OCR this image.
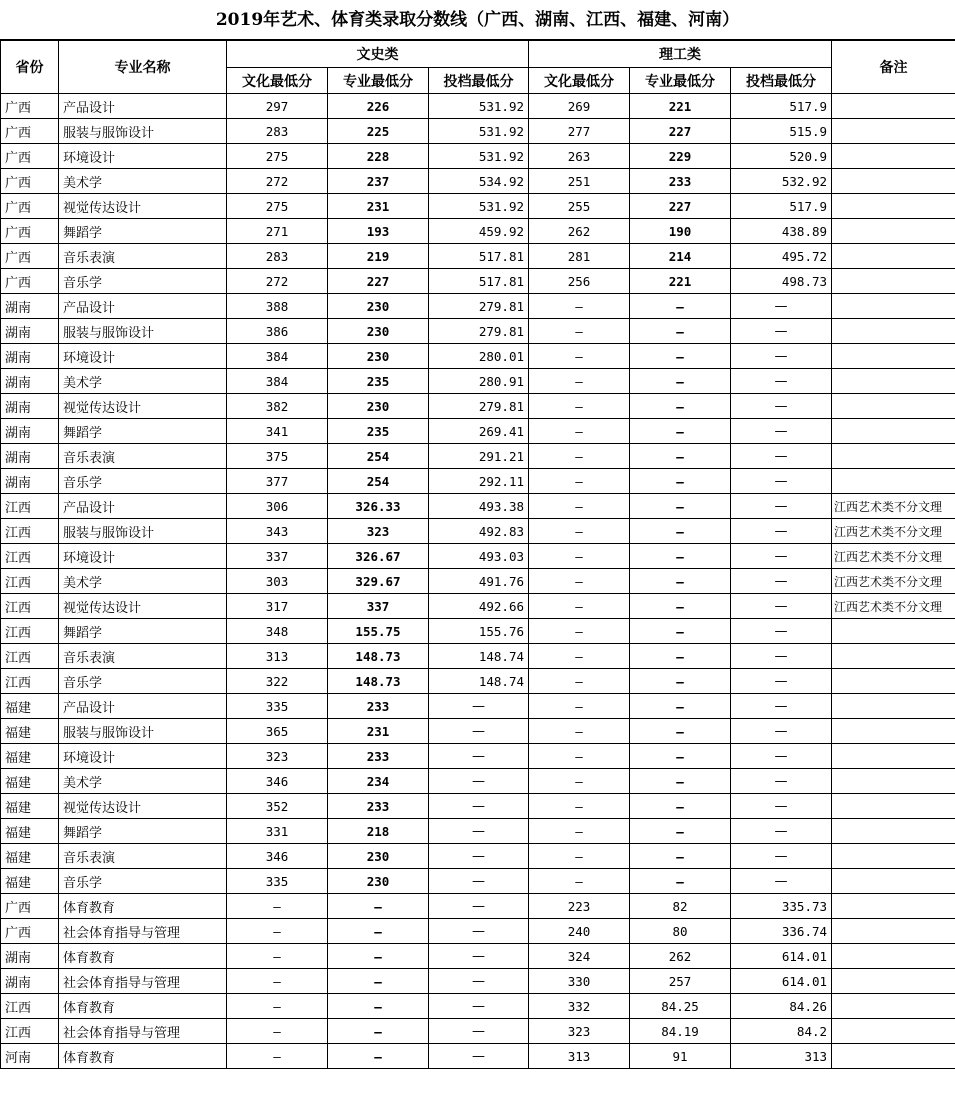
2019年艺术、体育类录取分数线（广西、湖南、江西、福建、河南）
省份	专业名称	文史类			理工类			备注
		文化最低分	专业最低分	投档最低分	文化最低分	专业最低分	投档最低分	
广西	产品设计	297	226	531.92	269	221	517.9	
广西	服装与服饰设计	283	225	531.92	277	227	515.9	
广西	环境设计	275	228	531.92	263	229	520.9	
广西	美术学	272	237	534.92	251	233	532.92	
广西	视觉传达设计	275	231	531.92	255	227	517.9	
广西	舞蹈学	271	193	459.92	262	190	438.89	
广西	音乐表演	283	219	517.81	281	214	495.72	
广西	音乐学	272	227	517.81	256	221	498.73	
湖南	产品设计	388	230	279.81	—	—	—	
湖南	服装与服饰设计	386	230	279.81	—	—	—	
湖南	环境设计	384	230	280.01	—	—	—	
湖南	美术学	384	235	280.91	—	—	—	
湖南	视觉传达设计	382	230	279.81	—	—	—	
湖南	舞蹈学	341	235	269.41	—	—	—	
湖南	音乐表演	375	254	291.21	—	—	—	
湖南	音乐学	377	254	292.11	—	—	—	
江西	产品设计	306	326.33	493.38	—	—	—	江西艺术类不分文理
江西	服装与服饰设计	343	323	492.83	—	—	—	江西艺术类不分文理
江西	环境设计	337	326.67	493.03	—	—	—	江西艺术类不分文理
江西	美术学	303	329.67	491.76	—	—	—	江西艺术类不分文理
江西	视觉传达设计	317	337	492.66	—	—	—	江西艺术类不分文理
江西	舞蹈学	348	155.75	155.76	—	—	—	
江西	音乐表演	313	148.73	148.74	—	—	—	
江西	音乐学	322	148.73	148.74	—	—	—	
福建	产品设计	335	233	—	—	—	—	
福建	服装与服饰设计	365	231	—	—	—	—	
福建	环境设计	323	233	—	—	—	—	
福建	美术学	346	234	—	—	—	—	
福建	视觉传达设计	352	233	—	—	—	—	
福建	舞蹈学	331	218	—	—	—	—	
福建	音乐表演	346	230	—	—	—	—	
福建	音乐学	335	230	—	—	—	—	
广西	体育教育	—	—	—	223	82	335.73	
广西	社会体育指导与管理	—	—	—	240	80	336.74	
湖南	体育教育	—	—	—	324	262	614.01	
湖南	社会体育指导与管理	—	—	—	330	257	614.01	
江西	体育教育	—	—	—	332	84.25	84.26	
江西	社会体育指导与管理	—	—	—	323	84.19	84.2	
河南	体育教育	—	—	—	313	91	313	
